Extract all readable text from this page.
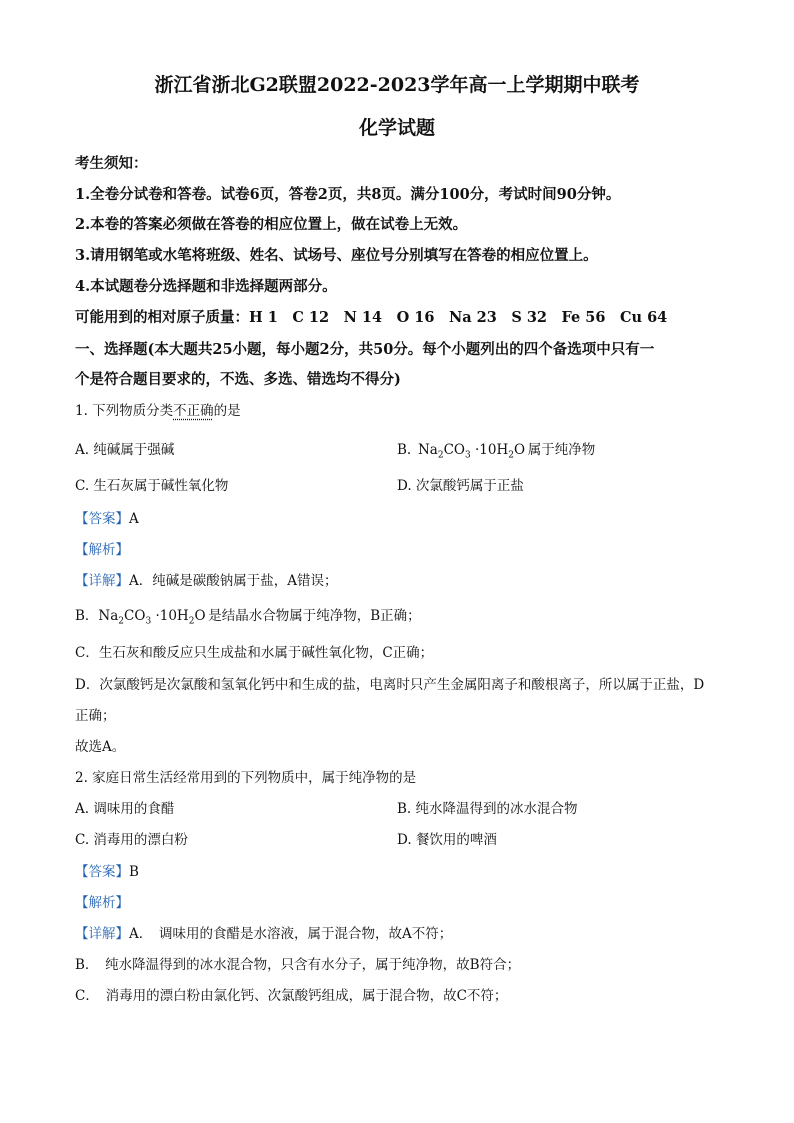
浙江省浙北G2联盟2022-2023学年高一上学期期中联考
化学试题
考生须知：
1.全卷分试卷和答卷。试卷6页，答卷2页，共8页。满分100分，考试时间90分钟。
2.本卷的答案必须做在答卷的相应位置上，做在试卷上无效。
3.请用钢笔或水笔将班级、姓名、试场号、座位号分别填写在答卷的相应位置上。
4.本试题卷分选择题和非选择题两部分。
可能用到的相对原子质量：H 1　C 12　N 14　O 16　Na 23　S 32　Fe 56　Cu 64
一、选择题(本大题共25小题，每小题2分，共50分。每个小题列出的四个备选项中只有一
个是符合题目要求的，不选、多选、错选均不得分)
1. 下列物质分类不正确的是
A. 纯碱属于强碱	B.  $Na_2CO_3 \cdot 10H_2O$  属于纯净物
C. 生石灰属于碱性氧化物	D. 次氯酸钙属于正盐
【答案】A
【解析】
【详解】A．纯碱是碳酸钠属于盐，A错误；
B．$Na_2CO_3 \cdot 10H_2O$  是结晶水合物属于纯净物，B正确；
C．生石灰和酸反应只生成盐和水属于碱性氧化物，C正确；
D．次氯酸钙是次氯酸和氢氧化钙中和生成的盐，电离时只产生金属阳离子和酸根离子，所以属于正盐，D
正确；
故选A。
2. 家庭日常生活经常用到的下列物质中，属于纯净物的是
A. 调味用的食醋	B. 纯水降温得到的冰水混合物
C. 消毒用的漂白粉	D. 餐饮用的啤酒
【答案】B
【解析】
【详解】A．　调味用的食醋是水溶液，属于混合物，故A不符；
B．　纯水降温得到的冰水混合物，只含有水分子，属于纯净物，故B符合；
C．　消毒用的漂白粉由氯化钙、次氯酸钙组成，属于混合物，故C不符；
